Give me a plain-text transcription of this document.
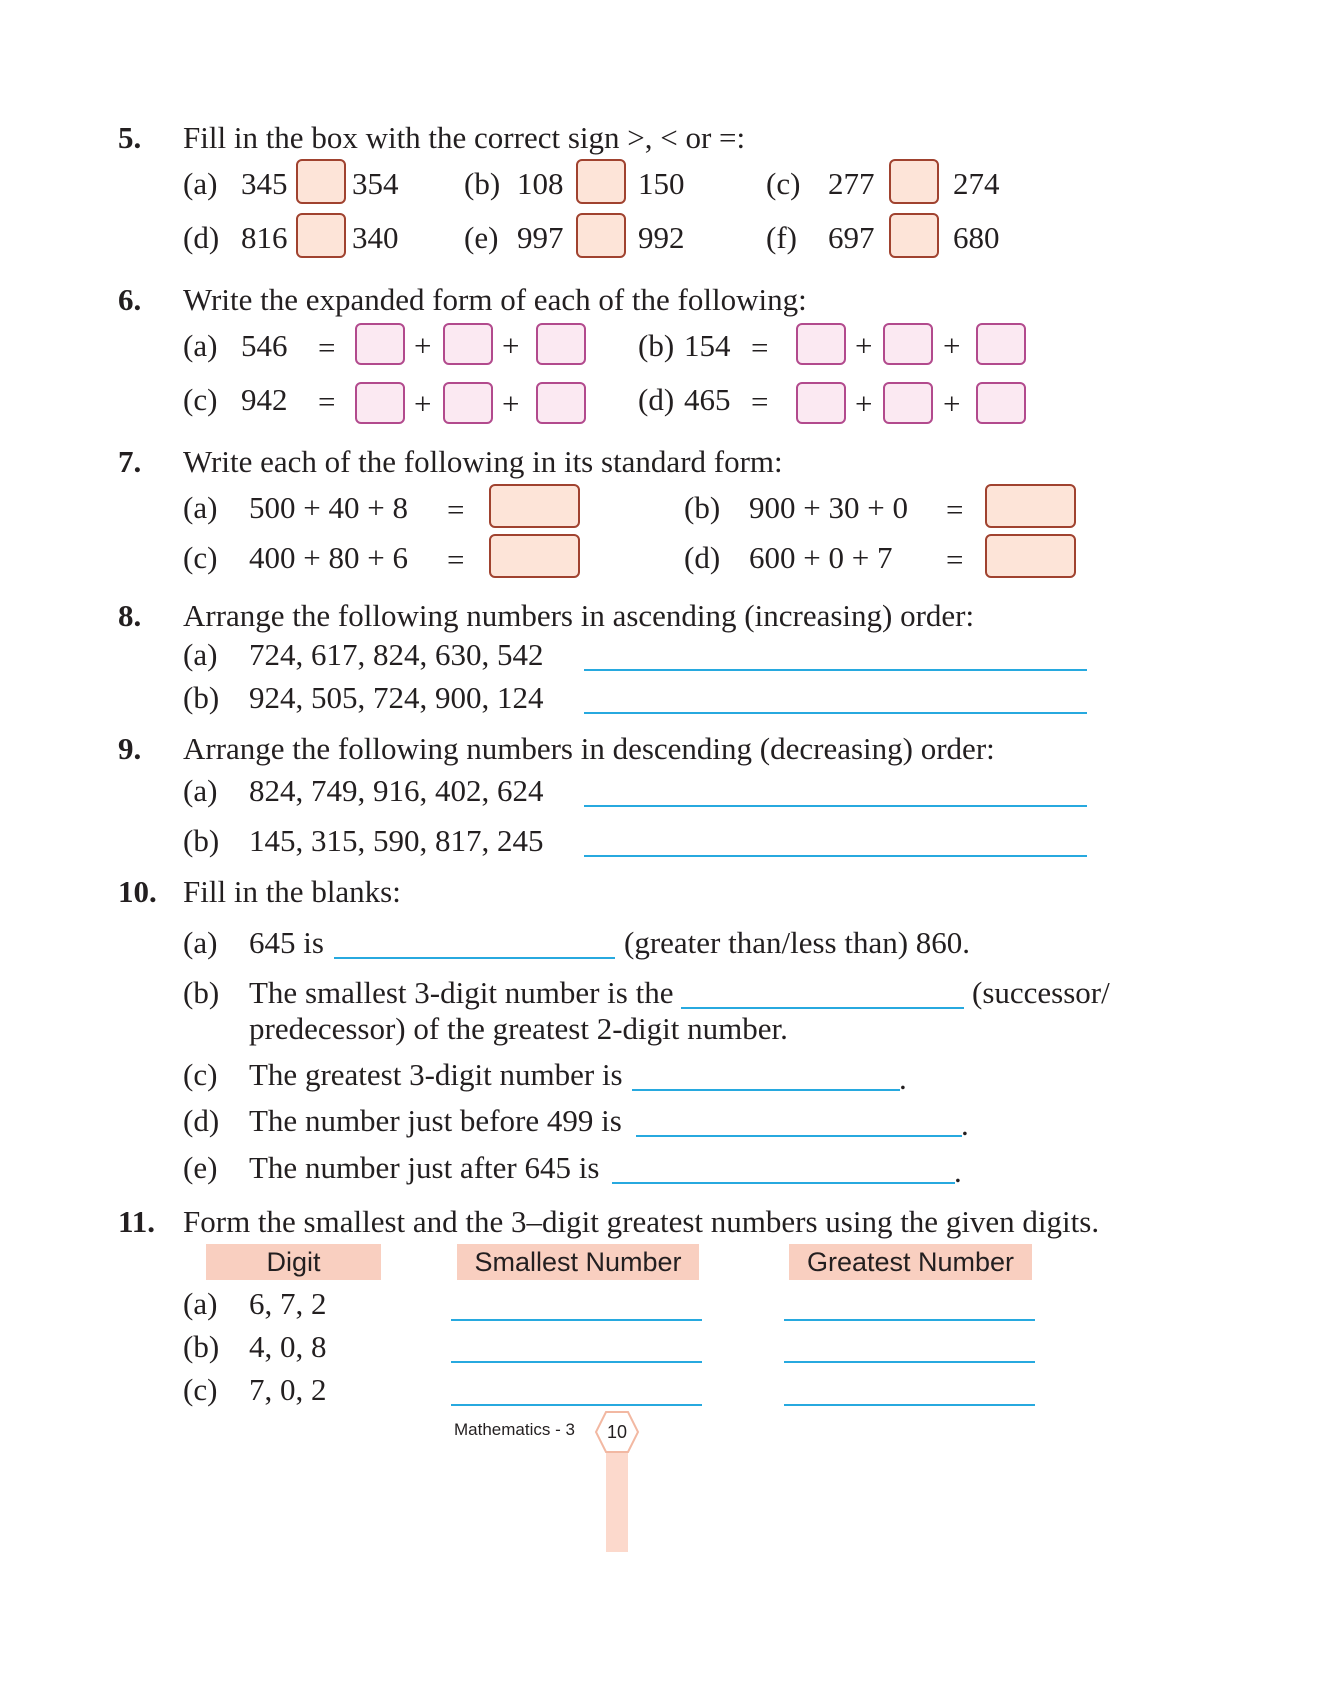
5. Fill in the box with the correct sign >, < or =:
(a) 345 354 (b) 108 150	(c) 277	274
(d) 816 340 (e) 997 992	(f) 697	680
6. Write the expanded form of each of the following:
(a) 546 =	+ +	(b) 154 =	+ +
(c) 942 =	+ +	(d) 465 =	+ +
7. Write each of the following in its standard form:
(a) 500 + 40 + 8 =	(b) 900 + 30 + 0 =
(c) 400 + 80 + 6 =	(d) 600 + 0 + 7 =
8. Arrange the following numbers in ascending (increasing) order:
(a) 724, 617, 824, 630, 542
(b) 924, 505, 724, 900, 124
9. Arrange the following numbers in descending (decreasing) order:
(a) 824, 749, 916, 402, 624
(b) 145, 315, 590, 817, 245
10. Fill in the blanks:
(a) 645 is	(greater than/less than) 860.
(b) The smallest 3-digit number is the	(successor/
predecessor) of the greatest 2-digit number.
(c) The greatest 3-digit number is	.
(d) The number just before 499 is	.
(e) The number just after 645 is	.
11. Form the smallest and the 3–digit greatest numbers using the given digits.
Digit	Smallest Number	Greatest Number
(a) 6, 7, 2
(b) 4, 0, 8
(c) 7, 0, 2
Mathematics - 3	10
